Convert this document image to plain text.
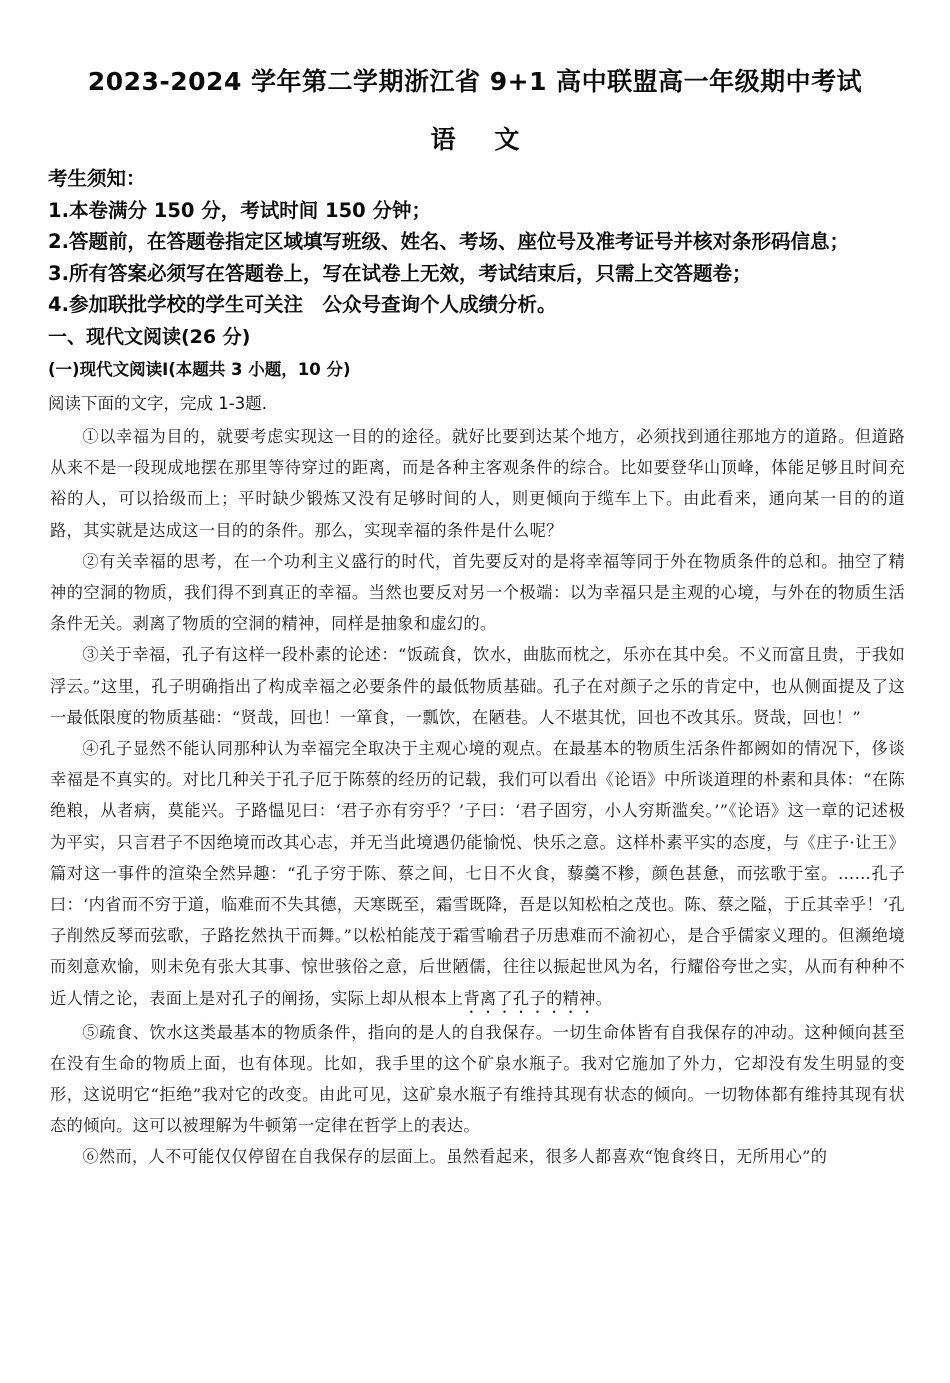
2023-2024 学年第二学期浙江省 9+1 高中联盟高一年级期中考试
语 文
考生须知：
1.本卷满分 150 分，考试时间 150 分钟；
2.答题前，在答题卷指定区域填写班级、姓名、考场、座位号及准考证号并核对条形码信息；
3.所有答案必须写在答题卷上，写在试卷上无效，考试结束后，只需上交答题卷；
4.参加联批学校的学生可关注　公众号查询个人成绩分析。
一、现代文阅读(26 分)
(一)现代文阅读Ⅰ(本题共 3 小题，10 分)
阅读下面的文字，完成 1-3题.

①以幸福为目的，就要考虑实现这一目的的途径。就好比要到达某个地方，必须找到通往那地方的道路。但道路从来不是一段现成地摆在那里等待穿过的距离，而是各种主客观条件的综合。比如要登华山顶峰，体能足够且时间充裕的人，可以拾级而上；平时缺少锻炼又没有足够时间的人，则更倾向于缆车上下。由此看来，通向某一目的的道路，其实就是达成这一目的的条件。那么，实现幸福的条件是什么呢？

②有关幸福的思考，在一个功利主义盛行的时代，首先要反对的是将幸福等同于外在物质条件的总和。抽空了精神的空洞的物质，我们得不到真正的幸福。当然也要反对另一个极端：以为幸福只是主观的心境，与外在的物质生活条件无关。剥离了物质的空洞的精神，同样是抽象和虚幻的。

③关于幸福，孔子有这样一段朴素的论述：“饭疏食，饮水，曲肱而枕之，乐亦在其中矣。不义而富且贵，于我如浮云。”这里，孔子明确指出了构成幸福之必要条件的最低物质基础。孔子在对颜子之乐的肯定中，也从侧面提及了这一最低限度的物质基础：“贤哉，回也！一箪食，一瓢饮，在陋巷。人不堪其忧，回也不改其乐。贤哉，回也！”

④孔子显然不能认同那种认为幸福完全取决于主观心境的观点。在最基本的物质生活条件都阙如的情况下，侈谈幸福是不真实的。对比几种关于孔子厄于陈蔡的经历的记载，我们可以看出《论语》中所谈道理的朴素和具体：“在陈绝粮，从者病，莫能兴。子路愠见曰：‘君子亦有穷乎？’子曰：‘君子固穷，小人穷斯滥矣。’”《论语》这一章的记述极为平实，只言君子不因绝境而改其心志，并无当此境遇仍能愉悦、快乐之意。这样朴素平实的态度，与《庄子·让王》篇对这一事件的渲染全然异趣：“孔子穷于陈、蔡之间，七日不火食，藜羹不糁，颜色甚惫，而弦歌于室。……孔子曰：‘内省而不穷于道，临难而不失其德，天寒既至，霜雪既降，吾是以知松柏之茂也。陈、蔡之隘，于丘其幸乎！’孔子削然反琴而弦歌，子路扢然执干而舞。”以松柏能茂于霜雪喻君子历患难而不渝初心，是合乎儒家义理的。但濒绝境而刻意欢愉，则未免有张大其事、惊世骇俗之意，后世陋儒，往往以振起世风为名，行耀俗夸世之实，从而有种种不近人情之论，表面上是对孔子的阐扬，实际上却从根本上背离了孔子的精神。

⑤疏食、饮水这类最基本的物质条件，指向的是人的自我保存。一切生命体皆有自我保存的冲动。这种倾向甚至在没有生命的物质上面，也有体现。比如，我手里的这个矿泉水瓶子。我对它施加了外力，它却没有发生明显的变形，这说明它“拒绝”我对它的改变。由此可见，这矿泉水瓶子有维持其现有状态的倾向。一切物体都有维持其现有状态的倾向。这可以被理解为牛顿第一定律在哲学上的表达。

⑥然而，人不可能仅仅停留在自我保存的层面上。虽然看起来，很多人都喜欢“饱食终日，无所用心”的
